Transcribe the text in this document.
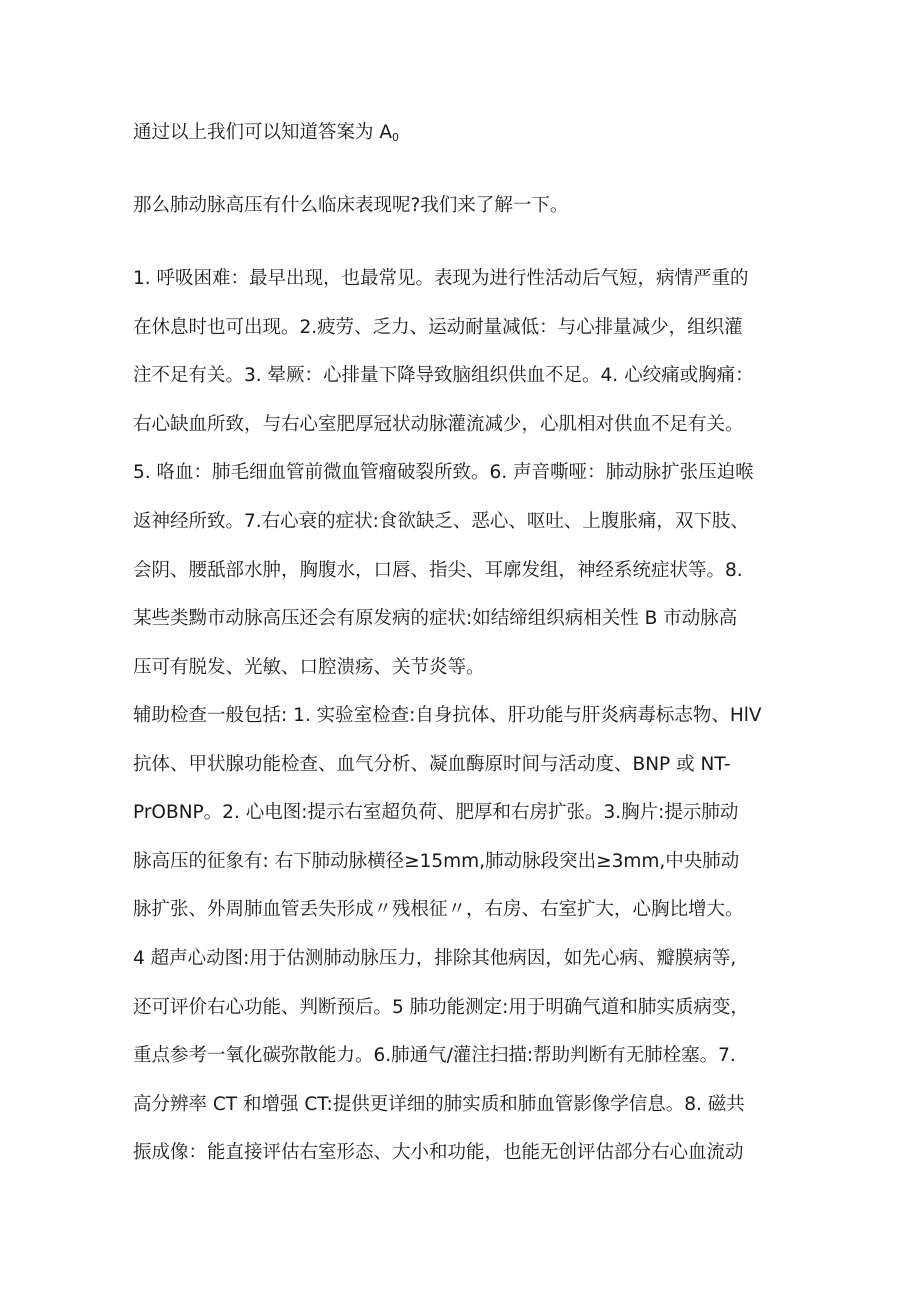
通过以上我们可以知道答案为 $A_0$

那么肺动脉高压有什么临床表现呢?我们来了解一下。

1. 呼吸困难：最早出现，也最常见。表现为进行性活动后气短，病情严重的
在休息时也可出现。2.疲劳、乏力、运动耐量减低：与心排量减少，组织灌
注不足有关。3. 晕厥：心排量下降导致脑组织供血不足。4. 心绞痛或胸痛：
右心缺血所致，与右心室肥厚冠状动脉灌流减少，心肌相对供血不足有关。
5. 咯血：肺毛细血管前微血管瘤破裂所致。6. 声音嘶哑：肺动脉扩张压迫喉
返神经所致。7.右心衰的症状:食欲缺乏、恶心、呕吐、上腹胀痛，双下肢、
会阴、腰舐部水肿，胸腹水，口唇、指尖、耳廓发组，神经系统症状等。8.
某些类黝市动脉高压还会有原发病的症状:如结缔组织病相关性 B 市动脉高
压可有脱发、光敏、口腔溃疡、关节炎等。
辅助检查一般包括: 1. 实验室检查:自身抗体、肝功能与肝炎病毒标志物、HlV
抗体、甲状腺功能检查、血气分析、凝血酶原时间与活动度、BNP 或 NT-
PrOBNP。2. 心电图:提示右室超负荷、肥厚和右房扩张。3.胸片:提示肺动
脉高压的征象有: 右下肺动脉横径≥15mm,肺动脉段突出≥3mm,中央肺动
脉扩张、外周肺血管丢失形成〃残根征〃，右房、右室扩大，心胸比增大。
4 超声心动图:用于估测肺动脉压力，排除其他病因，如先心病、瓣膜病等,
还可评价右心功能、判断预后。5 肺功能测定:用于明确气道和肺实质病变，
重点参考一氧化碳弥散能力。6.肺通气/灌注扫描:帮助判断有无肺栓塞。7.
高分辨率 CT 和增强 CT:提供更详细的肺实质和肺血管影像学信息。8. 磁共
振成像：能直接评估右室形态、大小和功能，也能无创评估部分右心血流动
